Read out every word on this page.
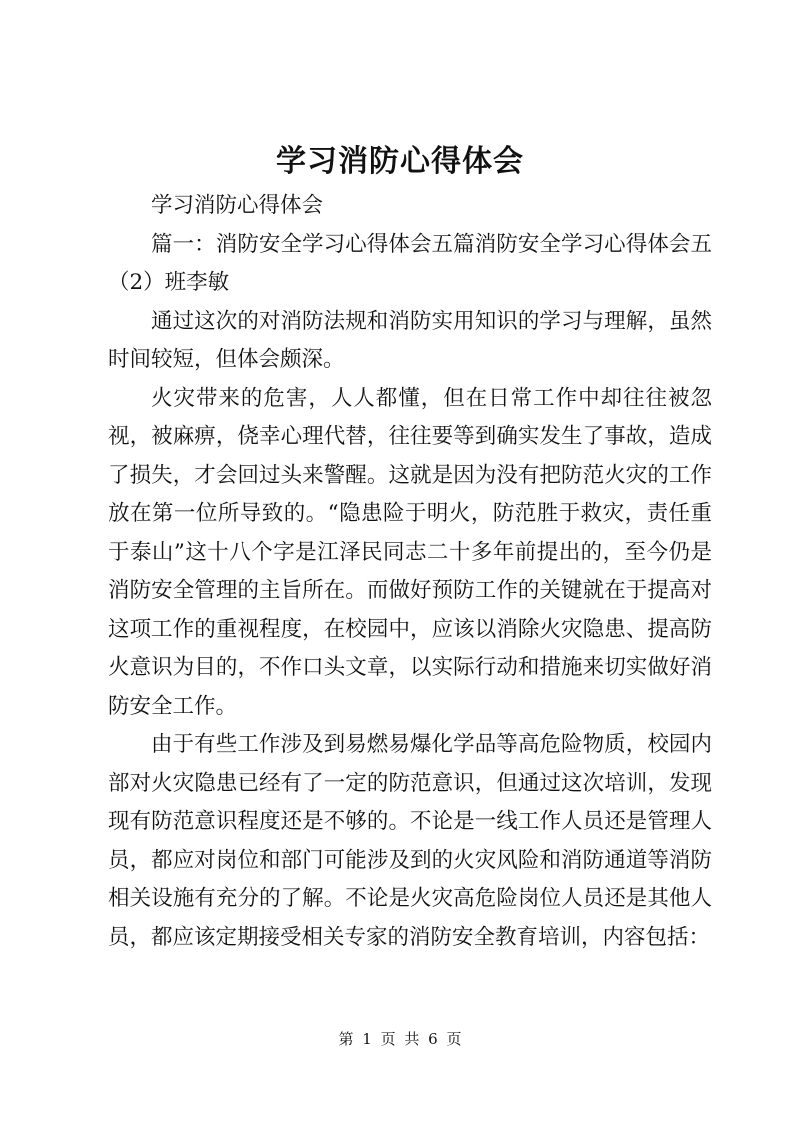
学习消防心得体会

学习消防心得体会

篇一：消防安全学习心得体会五篇消防安全学习心得体会五（2）班李敏

通过这次的对消防法规和消防实用知识的学习与理解，虽然时间较短，但体会颇深。

火灾带来的危害，人人都懂，但在日常工作中却往往被忽视，被麻痹，侥幸心理代替，往往要等到确实发生了事故，造成了损失，才会回过头来警醒。这就是因为没有把防范火灾的工作放在第一位所导致的。“隐患险于明火，防范胜于救灾，责任重于泰山”这十八个字是江泽民同志二十多年前提出的，至今仍是消防安全管理的主旨所在。而做好预防工作的关键就在于提高对这项工作的重视程度，在校园中，应该以消除火灾隐患、提高防火意识为目的，不作口头文章，以实际行动和措施来切实做好消防安全工作。

由于有些工作涉及到易燃易爆化学品等高危险物质，校园内部对火灾隐患已经有了一定的防范意识，但通过这次培训，发现现有防范意识程度还是不够的。不论是一线工作人员还是管理人员，都应对岗位和部门可能涉及到的火灾风险和消防通道等消防相关设施有充分的了解。不论是火灾高危险岗位人员还是其他人员，都应该定期接受相关专家的消防安全教育培训，内容包括：

第 1 页 共 6 页
